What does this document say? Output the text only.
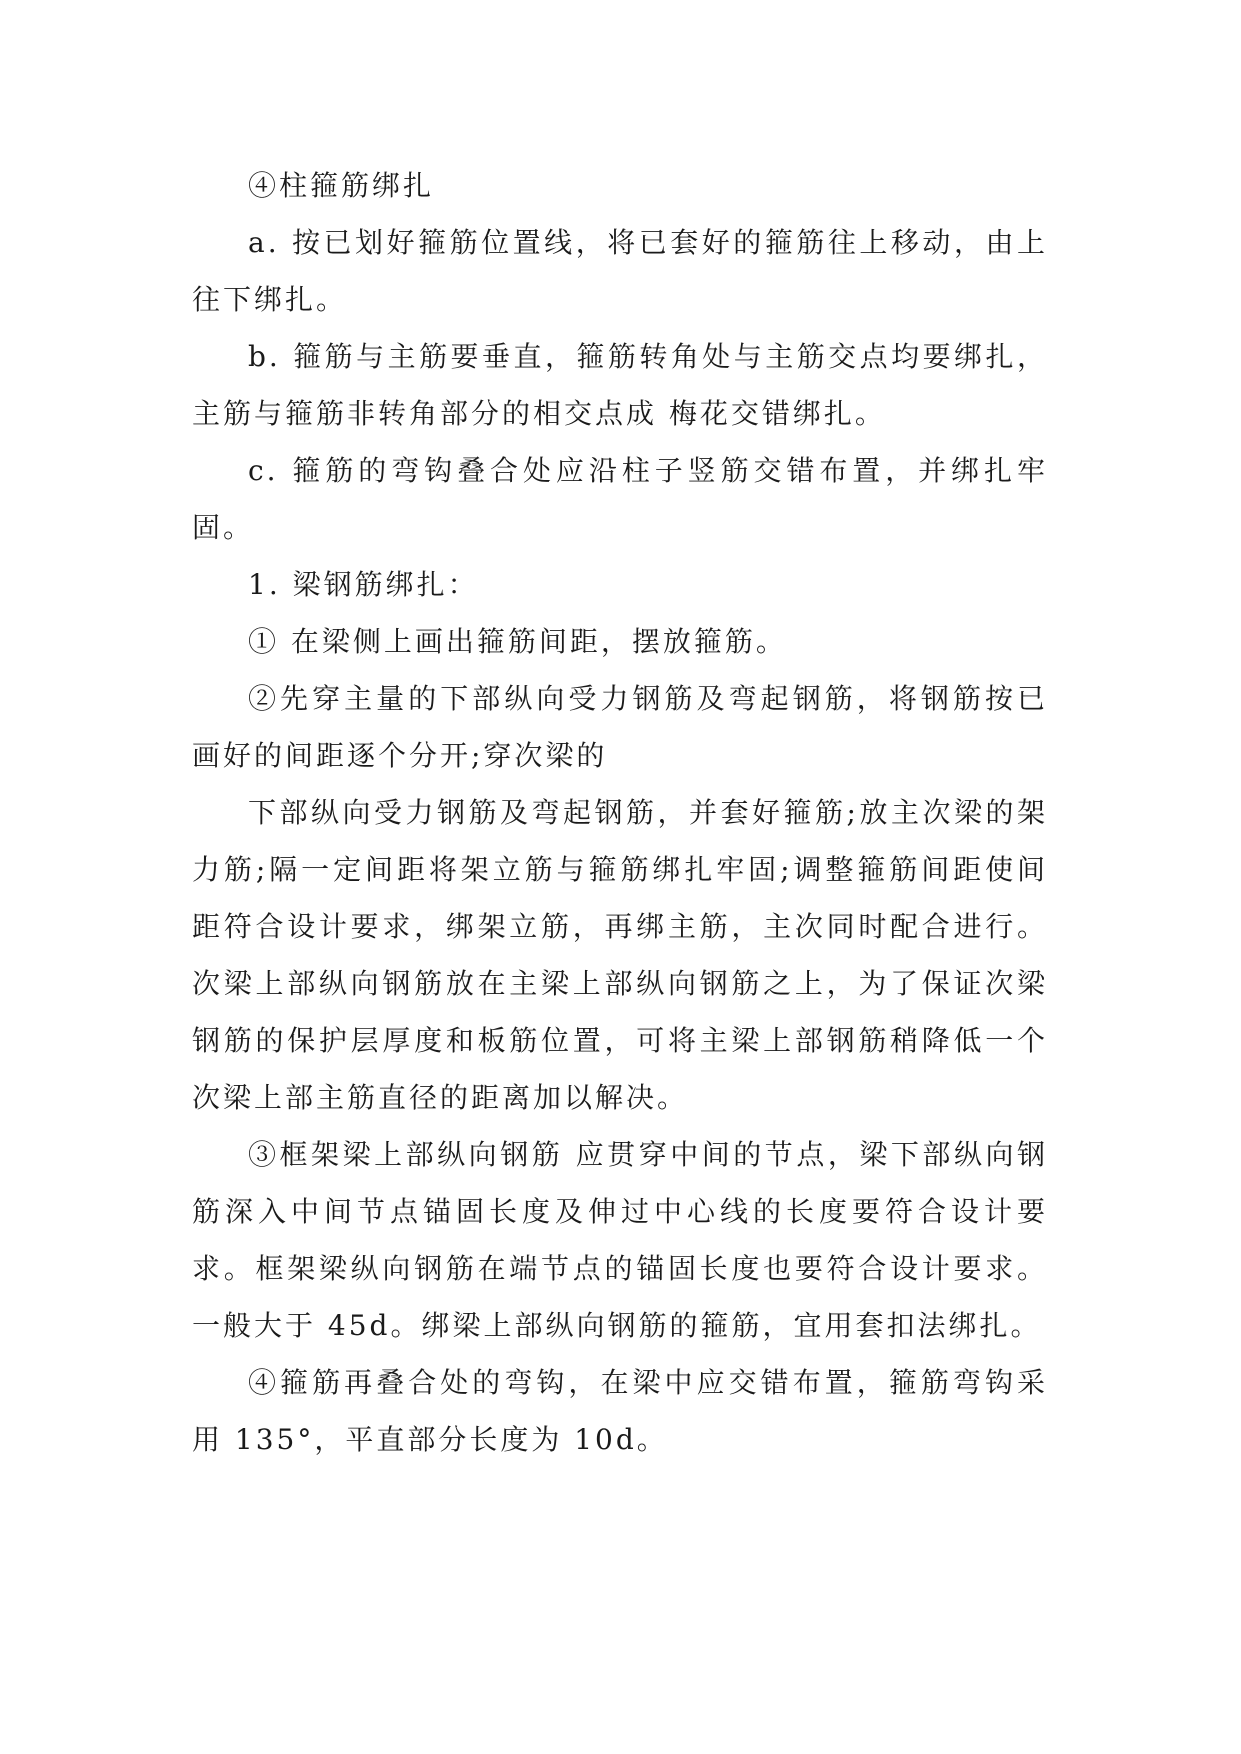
④柱箍筋绑扎

a. 按已划好箍筋位置线，将已套好的箍筋往上移动，由上往下绑扎。

b. 箍筋与主筋要垂直，箍筋转角处与主筋交点均要绑扎，主筋与箍筋非转角部分的相交点成 梅花交错绑扎。

c. 箍筋的弯钩叠合处应沿柱子竖筋交错布置，并绑扎牢固。

1. 梁钢筋绑扎：

① 在梁侧上画出箍筋间距，摆放箍筋。

②先穿主量的下部纵向受力钢筋及弯起钢筋，将钢筋按已画好的间距逐个分开;穿次梁的

下部纵向受力钢筋及弯起钢筋，并套好箍筋;放主次梁的架力筋;隔一定间距将架立筋与箍筋绑扎牢固;调整箍筋间距使间距符合设计要求，绑架立筋，再绑主筋，主次同时配合进行。次梁上部纵向钢筋放在主梁上部纵向钢筋之上，为了保证次梁钢筋的保护层厚度和板筋位置，可将主梁上部钢筋稍降低一个次梁上部主筋直径的距离加以解决。

③框架梁上部纵向钢筋 应贯穿中间的节点，梁下部纵向钢筋深入中间节点锚固长度及伸过中心线的长度要符合设计要求。框架梁纵向钢筋在端节点的锚固长度也要符合设计要求。一般大于 45d。绑梁上部纵向钢筋的箍筋，宜用套扣法绑扎。

④箍筋再叠合处的弯钩，在梁中应交错布置，箍筋弯钩采用 135°，平直部分长度为 10d。
